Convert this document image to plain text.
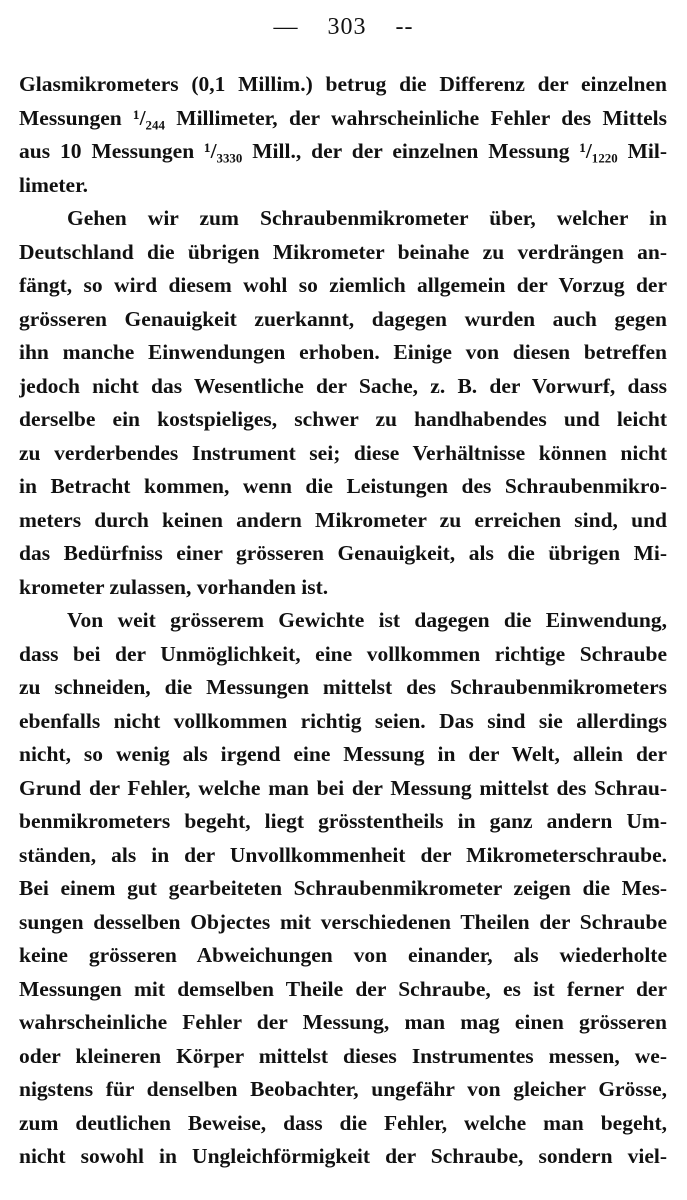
— 303 --
Glasmikrometers (0,1 Millim.) betrug die Differenz der einzelnen
Messungen ¹/₂₄₄ Millimeter, der wahrscheinliche Fehler des Mittels
aus 10 Messungen ¹/₃₃₃₀ Mill., der der einzelnen Messung ¹/₁₂₂₀ Mil-
limeter.
Gehen wir zum Schraubenmikrometer über, welcher in
Deutschland die übrigen Mikrometer beinahe zu verdrängen an-
fängt, so wird diesem wohl so ziemlich allgemein der Vorzug der
grösseren Genauigkeit zuerkannt, dagegen wurden auch gegen
ihn manche Einwendungen erhoben. Einige von diesen betreffen
jedoch nicht das Wesentliche der Sache, z. B. der Vorwurf, dass
derselbe ein kostspieliges, schwer zu handhabendes und leicht
zu verderbendes Instrument sei; diese Verhältnisse können nicht
in Betracht kommen, wenn die Leistungen des Schraubenmikro-
meters durch keinen andern Mikrometer zu erreichen sind, und
das Bedürfniss einer grösseren Genauigkeit, als die übrigen Mi-
krometer zulassen, vorhanden ist.
Von weit grösserem Gewichte ist dagegen die Einwendung,
dass bei der Unmöglichkeit, eine vollkommen richtige Schraube
zu schneiden, die Messungen mittelst des Schraubenmikrometers
ebenfalls nicht vollkommen richtig seien. Das sind sie allerdings
nicht, so wenig als irgend eine Messung in der Welt, allein der
Grund der Fehler, welche man bei der Messung mittelst des Schrau-
benmikrometers begeht, liegt grösstentheils in ganz andern Um-
ständen, als in der Unvollkommenheit der Mikrometerschraube.
Bei einem gut gearbeiteten Schraubenmikrometer zeigen die Mes-
sungen desselben Objectes mit verschiedenen Theilen der Schraube
keine grösseren Abweichungen von einander, als wiederholte
Messungen mit demselben Theile der Schraube, es ist ferner der
wahrscheinliche Fehler der Messung, man mag einen grösseren
oder kleineren Körper mittelst dieses Instrumentes messen, we-
nigstens für denselben Beobachter, ungefähr von gleicher Grösse,
zum deutlichen Beweise, dass die Fehler, welche man begeht,
nicht sowohl in Ungleichförmigkeit der Schraube, sondern viel-
